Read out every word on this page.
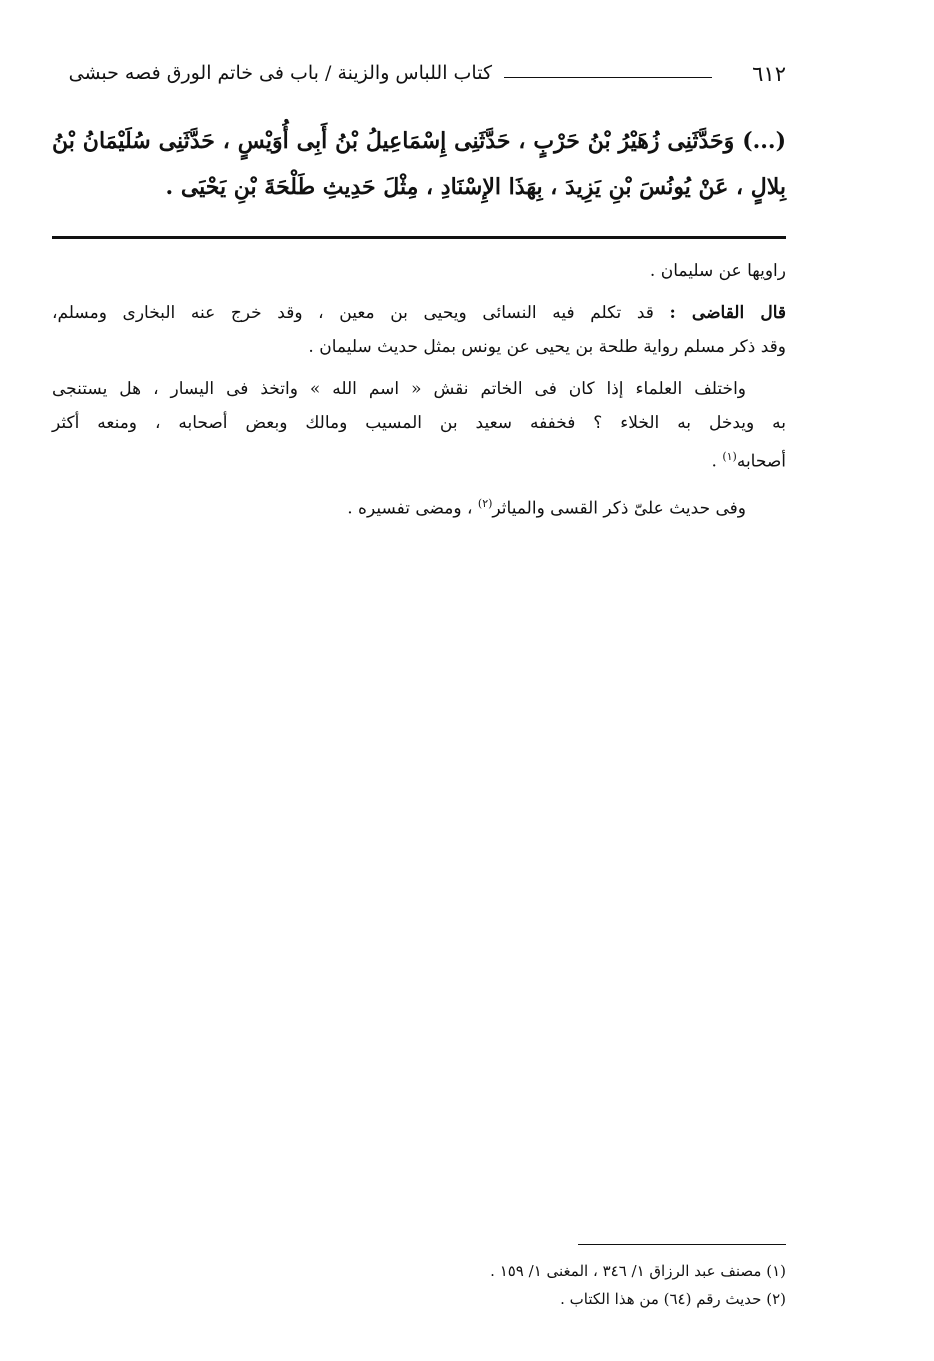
٦١٢
كتاب اللباس والزينة / باب فى خاتم الورق فصه حبشى
(...) وَحَدَّثَنِى زُهَيْرُ بْنُ حَرْبٍ ، حَدَّثَنِى إِسْمَاعِيلُ بْنُ أَبِى أُوَيْسٍ ، حَدَّثَنِى سُلَيْمَانُ بْنُ
بِلالٍ ، عَنْ يُونُسَ بْنِ يَزِيدَ ، بِهَذَا الإِسْنَادِ ، مِثْلَ حَدِيثِ طَلْحَةَ بْنِ يَحْيَى .
راويها عن سليمان .
قال القاضى : قد تكلم فيه النسائى ويحيى بن معين ، وقد خرج عنه البخارى ومسلم،
وقد ذكر مسلم رواية طلحة بن يحيى عن يونس بمثل حديث سليمان .
واختلف العلماء إذا كان فى الخاتم نقش « اسم الله » واتخذ فى اليسار ، هل يستنجى
به ويدخل به الخلاء ؟ فخففه سعيد بن المسيب ومالك وبعض أصحابه ، ومنعه أكثر
أصحابه$^{(١)}$ .
وفى حديث علىّ ذكر القسى والمياثر$^{(٢)}$ ، ومضى تفسيره .
(١) مصنف عبد الرزاق ١/ ٣٤٦ ، المغنى ١/ ١٥٩ .
(٢) حديث رقم (٦٤) من هذا الكتاب .
